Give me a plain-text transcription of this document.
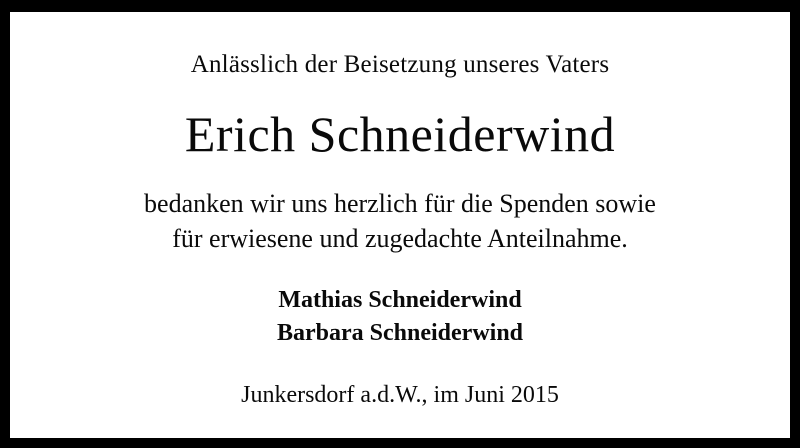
Anlässlich der Beisetzung unseres Vaters
Erich Schneiderwind
bedanken wir uns herzlich für die Spenden sowie
für erwiesene und zugedachte Anteilnahme.
Mathias Schneiderwind
Barbara Schneiderwind
Junkersdorf a.d.W., im Juni 2015
